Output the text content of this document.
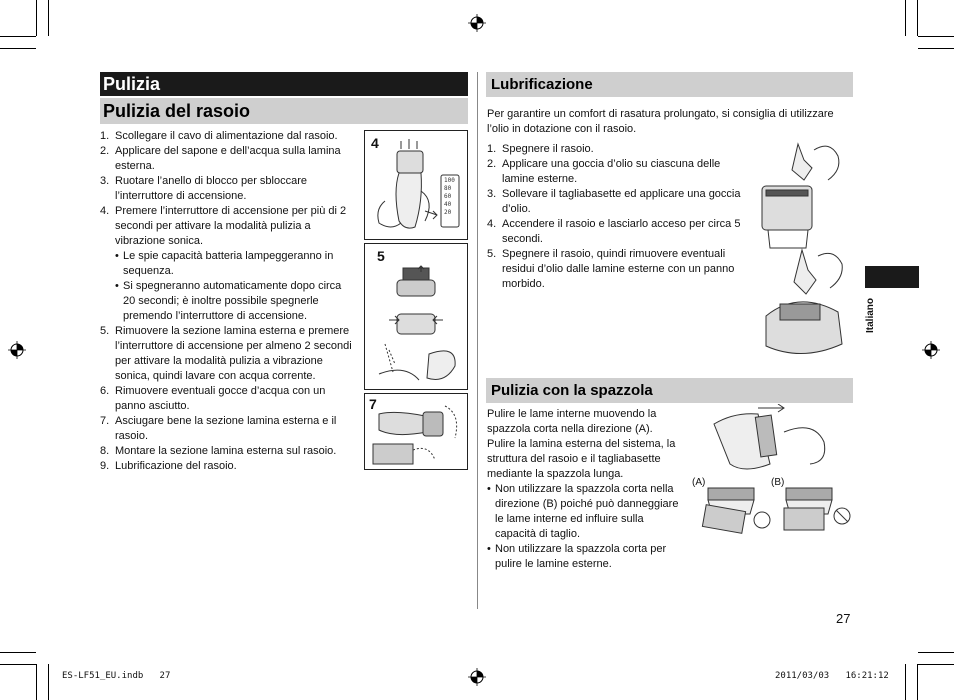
Pulizia
Pulizia del rasoio
1. Scollegare il cavo di alimentazione dal rasoio.
2. Applicare del sapone e dell’acqua sulla lamina
esterna.
3. Ruotare l’anello di blocco per sbloccare
l’interruttore di accensione.
4. Premere l’interruttore di accensione per più di 2
secondi per attivare la modalità pulizia a
vibrazione sonica.
• Le spie capacità batteria lampeggeranno in
sequenza.
• Si spegneranno automaticamente dopo circa
20 secondi; è inoltre possibile spegnerle
premendo l’interruttore di accensione.
5. Rimuovere la sezione lamina esterna e premere
l’interruttore di accensione per almeno 2 secondi
per attivare la modalità pulizia a vibrazione
sonica, quindi lavare con acqua corrente.
6. Rimuovere eventuali gocce d’acqua con un
panno asciutto.
7. Asciugare bene la sezione lamina esterna e il
rasoio.
8. Montare la sezione lamina esterna sul rasoio.
9. Lubrificazione del rasoio.
4
100
80
60
40
20
5
7
Lubrificazione
Per garantire un comfort di rasatura prolungato, si consiglia di utilizzare
l’olio in dotazione con il rasoio.
1. Spegnere il rasoio.
2. Applicare una goccia d’olio su ciascuna delle
lamine esterne.
3. Sollevare il tagliabasette ed applicare una goccia
d’olio.
4. Accendere il rasoio e lasciarlo acceso per circa 5
secondi.
5. Spegnere il rasoio, quindi rimuovere eventuali
residui d’olio dalle lamine esterne con un panno
morbido.
Pulizia con la spazzola
Pulire le lame interne muovendo la
spazzola corta nella direzione (A).
Pulire la lamina esterna del sistema, la
struttura del rasoio e il tagliabasette
mediante la spazzola lunga.
• Non utilizzare la spazzola corta nella
direzione (B) poiché può danneggiare
le lame interne ed influire sulla
capacità di taglio.
• Non utilizzare la spazzola corta per
pulire le lamine esterne.
(A)	(B)
Italiano
27
ES-LF51_EU.indb   27	2011/03/03   16:21:12
